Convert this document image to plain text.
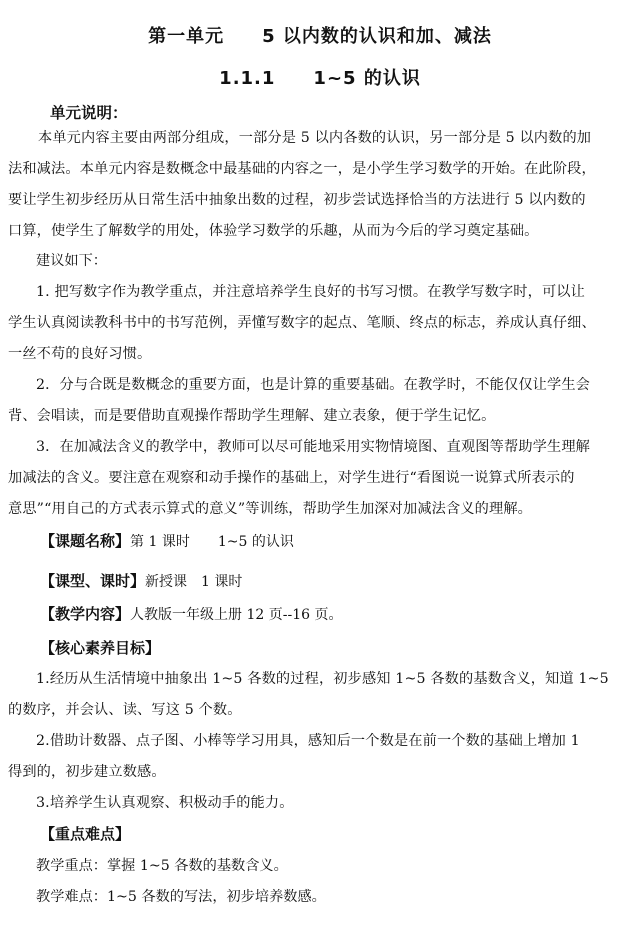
第一单元　　5 以内数的认识和加、减法
1.1.1　　1~5 的认识
单元说明：
本单元内容主要由两部分组成，一部分是 5 以内各数的认识，另一部分是 5 以内数的加
法和减法。本单元内容是数概念中最基础的内容之一，是小学生学习数学的开始。在此阶段，
要让学生初步经历从日常生活中抽象出数的过程，初步尝试选择恰当的方法进行 5 以内数的
口算，使学生了解数学的用处，体验学习数学的乐趣，从而为今后的学习奠定基础。
建议如下：
1. 把写数字作为教学重点，并注意培养学生良好的书写习惯。在教学写数字时，可以让
学生认真阅读教科书中的书写范例，弄懂写数字的起点、笔顺、终点的标志，养成认真仔细、
一丝不苟的良好习惯。
2．分与合既是数概念的重要方面，也是计算的重要基础。在教学时，不能仅仅让学生会
背、会唱读，而是要借助直观操作帮助学生理解、建立表象，便于学生记忆。
3．在加减法含义的教学中，教师可以尽可能地采用实物情境图、直观图等帮助学生理解
加减法的含义。要注意在观察和动手操作的基础上，对学生进行“看图说一说算式所表示的
意思”“用自己的方式表示算式的意义”等训练，帮助学生加深对加减法含义的理解。
【课题名称】第 1 课时　　1~5 的认识
【课型、课时】新授课　1 课时
【教学内容】人教版一年级上册 12 页--16 页。
【核心素养目标】
1.经历从生活情境中抽象出 1~5 各数的过程，初步感知 1~5 各数的基数含义，知道 1~5
的数序，并会认、读、写这 5 个数。
2.借助计数器、点子图、小棒等学习用具，感知后一个数是在前一个数的基础上增加 1
得到的，初步建立数感。
3.培养学生认真观察、积极动手的能力。
【重点难点】
教学重点：掌握 1~5 各数的基数含义。
教学难点：1~5 各数的写法，初步培养数感。
